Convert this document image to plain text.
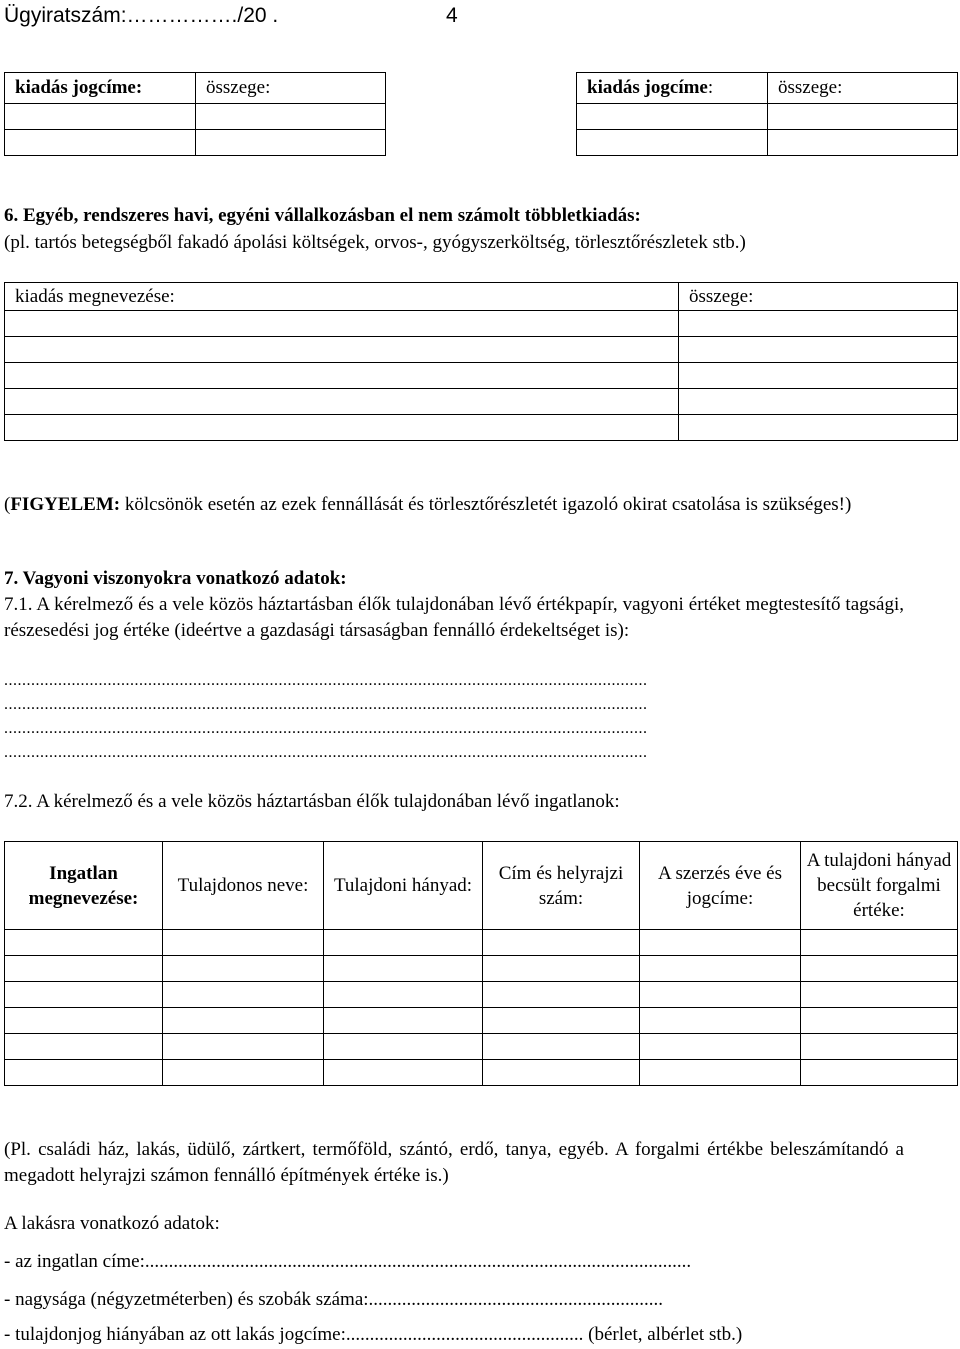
Ügyiratszám:……………./20 .	4
kiadás jogcíme:	összege:

		kiadás jogcíme:	összege:

6. Egyéb, rendszeres havi, egyéni vállalkozásban el nem számolt többletkiadás:
(pl. tartós betegségből fakadó ápolási költségek, orvos-, gyógyszerköltség, törlesztőrészletek stb.)
kiadás megnevezése:	összege:

(FIGYELEM: kölcsönök esetén az ezek fennállását és törlesztőrészletét igazoló okirat csatolása is szükséges!)
7. Vagyoni viszonyokra vonatkozó adatok:
7.1. A kérelmező és a vele közös háztartásban élők tulajdonában lévő értékpapír, vagyoni értéket megtestesítő tagsági, részesedési jog értéke (ideértve a gazdasági társaságban fennálló érdekeltséget is):
...............................................................................................................................................
...............................................................................................................................................
...............................................................................................................................................
...............................................................................................................................................
7.2. A kérelmező és a vele közös háztartásban élők tulajdonában lévő ingatlanok:
Ingatlan megnevezése:	Tulajdonos neve:	Tulajdoni hányad:	Cím és helyrajzi szám:	A szerzés éve és jogcíme:	A tulajdoni hányad becsült forgalmi értéke:

(Pl. családi ház, lakás, üdülő, zártkert, termőföld, szántó, erdő, tanya, egyéb. A forgalmi értékbe beleszámítandó a megadott helyrajzi számon fennálló építmények értéke is.)
A lakásra vonatkozó adatok:
- az ingatlan címe:...................................................................................................................
- nagysága (négyzetméterben) és szobák száma:..............................................................
- tulajdonjog hiányában az ott lakás jogcíme:.................................................. (bérlet, albérlet stb.)
